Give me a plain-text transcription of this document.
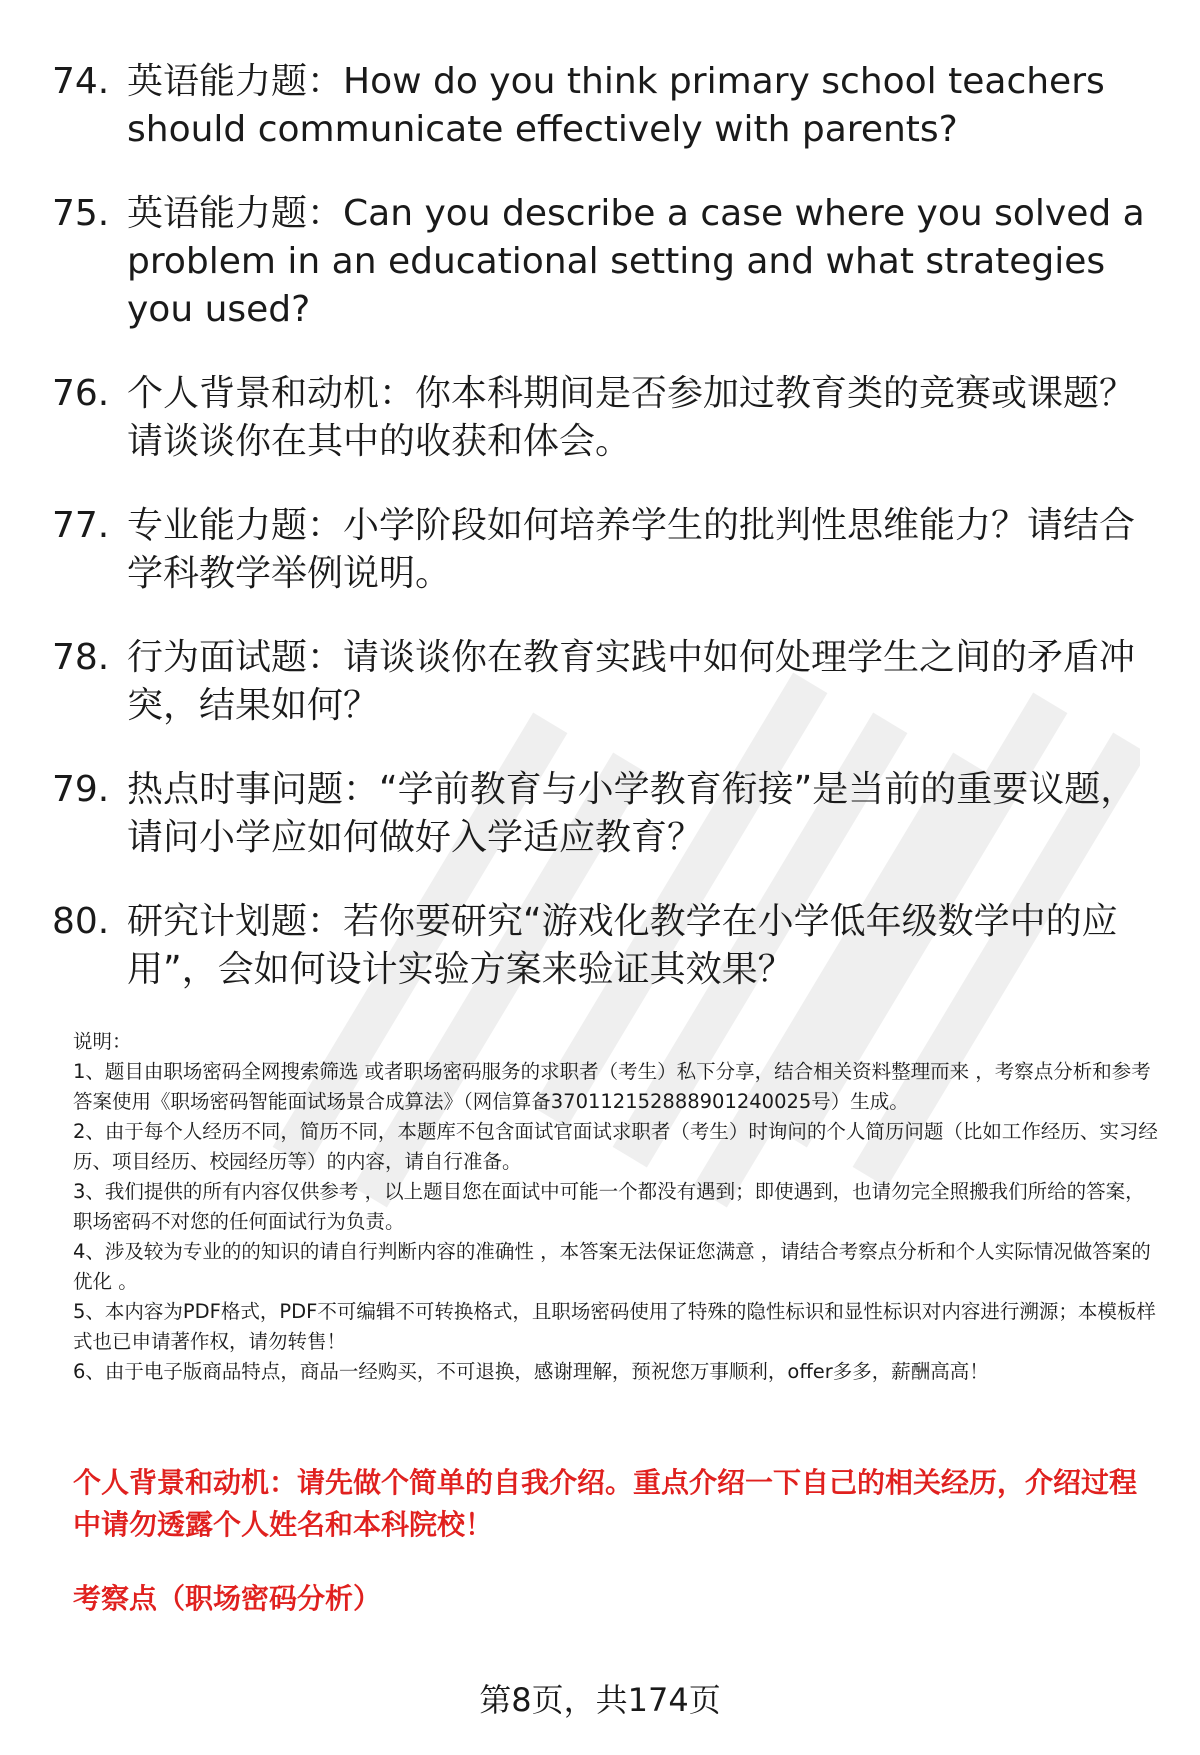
74. 英语能力题：How do you think primary school teachers should communicate effectively with parents?
75. 英语能力题：Can you describe a case where you solved a problem in an educational setting and what strategies you used?
76. 个人背景和动机：你本科期间是否参加过教育类的竞赛或课题？请谈谈你在其中的收获和体会。
77. 专业能力题：小学阶段如何培养学生的批判性思维能力？请结合学科教学举例说明。
78. 行为面试题：请谈谈你在教育实践中如何处理学生之间的矛盾冲突，结果如何？
79. 热点时事问题：“学前教育与小学教育衔接”是当前的重要议题，请问小学应如何做好入学适应教育？
80. 研究计划题：若你要研究“游戏化教学在小学低年级数学中的应用”，会如何设计实验方案来验证其效果？
说明：
1、题目由职场密码全网搜索筛选 或者职场密码服务的求职者（考生）私下分享，结合相关资料整理而来 ，考察点分析和参考答案使用《职场密码智能面试场景合成算法》（网信算备370112152888901240025号）生成。
2、由于每个人经历不同，简历不同，本题库不包含面试官面试求职者（考生）时询问的个人简历问题（比如工作经历、实习经历、项目经历、校园经历等）的内容，请自行准备。
3、我们提供的所有内容仅供参考 ，以上题目您在面试中可能一个都没有遇到；即使遇到，也请勿完全照搬我们所给的答案，职场密码不对您的任何面试行为负责。
4、涉及较为专业的的知识的请自行判断内容的准确性 ，本答案无法保证您满意 ，请结合考察点分析和个人实际情况做答案的优化 。
5、本内容为PDF格式，PDF不可编辑不可转换格式，且职场密码使用了特殊的隐性标识和显性标识对内容进行溯源；本模板样式也已申请著作权，请勿转售！
6、由于电子版商品特点，商品一经购买，不可退换，感谢理解，预祝您万事顺利，offer多多，薪酬高高！
个人背景和动机：请先做个简单的自我介绍。重点介绍一下自己的相关经历，介绍过程中请勿透露个人姓名和本科院校！
考察点（职场密码分析）
第8页，共174页
